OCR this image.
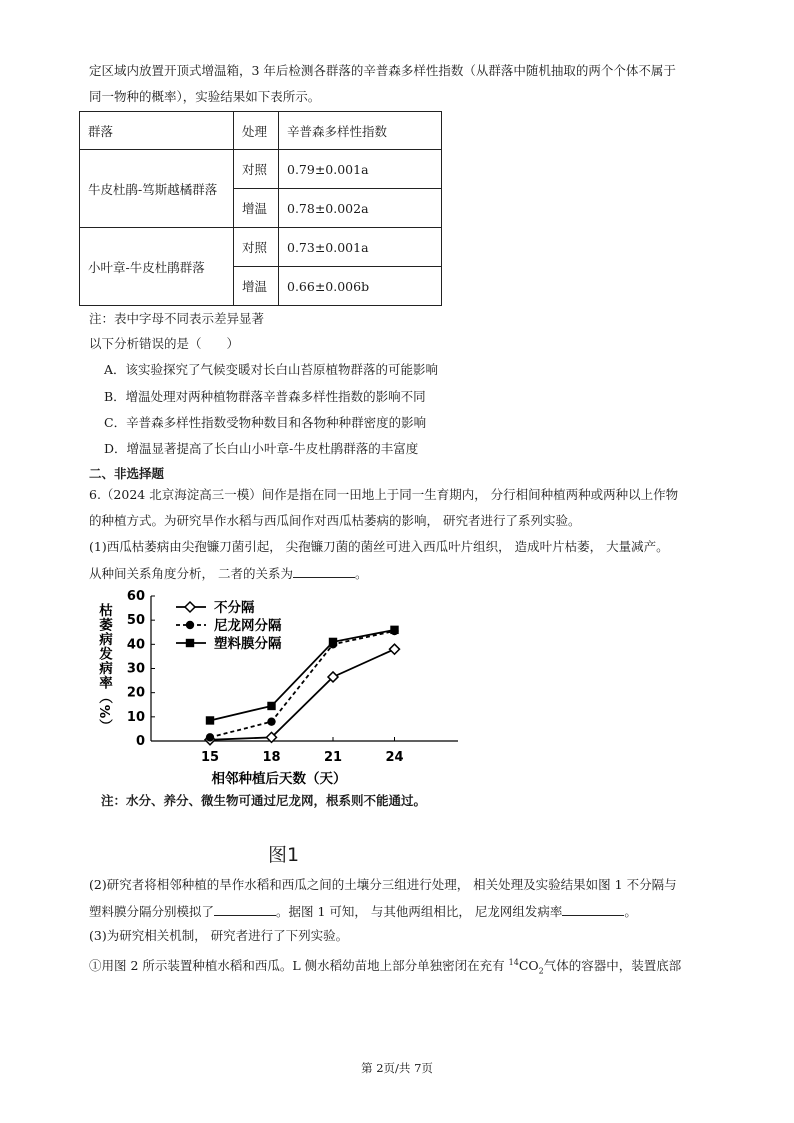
定区域内放置开顶式增温箱，3 年后检测各群落的辛普森多样性指数（从群落中随机抽取的两个个体不属于
同一物种的概率），实验结果如下表所示。
群落	处理	辛普森多样性指数
牛皮杜鹃-笃斯越橘群落	对照	0.79±0.001a
	增温	0.78±0.002a
小叶章-牛皮杜鹃群落	对照	0.73±0.001a
	增温	0.66±0.006b
注：表中字母不同表示差异显著
以下分析错误的是（　　）
A．该实验探究了气候变暖对长白山苔原植物群落的可能影响
B．增温处理对两种植物群落辛普森多样性指数的影响不同
C．辛普森多样性指数受物种数目和各物种种群密度的影响
D．增温显著提高了长白山小叶章-牛皮杜鹃群落的丰富度
二、非选择题
6.（2024 北京海淀高三一模）间作是指在同一田地上于同一生育期内， 分行相间种植两种或两种以上作物
的种植方式。为研究旱作水稻与西瓜间作对西瓜枯萎病的影响， 研究者进行了系列实验。
(1)西瓜枯萎病由尖孢镰刀菌引起， 尖孢镰刀菌的菌丝可进入西瓜叶片组织， 造成叶片枯萎， 大量减产。
从种间关系角度分析， 二者的关系为	。
0
10
20
30
40
50
60
15	18	21	24
相邻种植后天数（天）
枯萎病发病率（%）	不分隔
尼龙网分隔
塑料膜分隔
注：水分、养分、微生物可通过尼龙网，根系则不能通过。
图1
(2)研究者将相邻种植的旱作水稻和西瓜之间的土壤分三组进行处理， 相关处理及实验结果如图 1 不分隔与
塑料膜分隔分别模拟了	。据图 1 可知， 与其他两组相比， 尼龙网组发病率	。
(3)为研究相关机制， 研究者进行了下列实验。
①用图 2 所示装置种植水稻和西瓜。L 侧水稻幼苗地上部分单独密闭在充有 $^{14}CO_2$气体的容器中，装置底部
第 2页/共 7页
